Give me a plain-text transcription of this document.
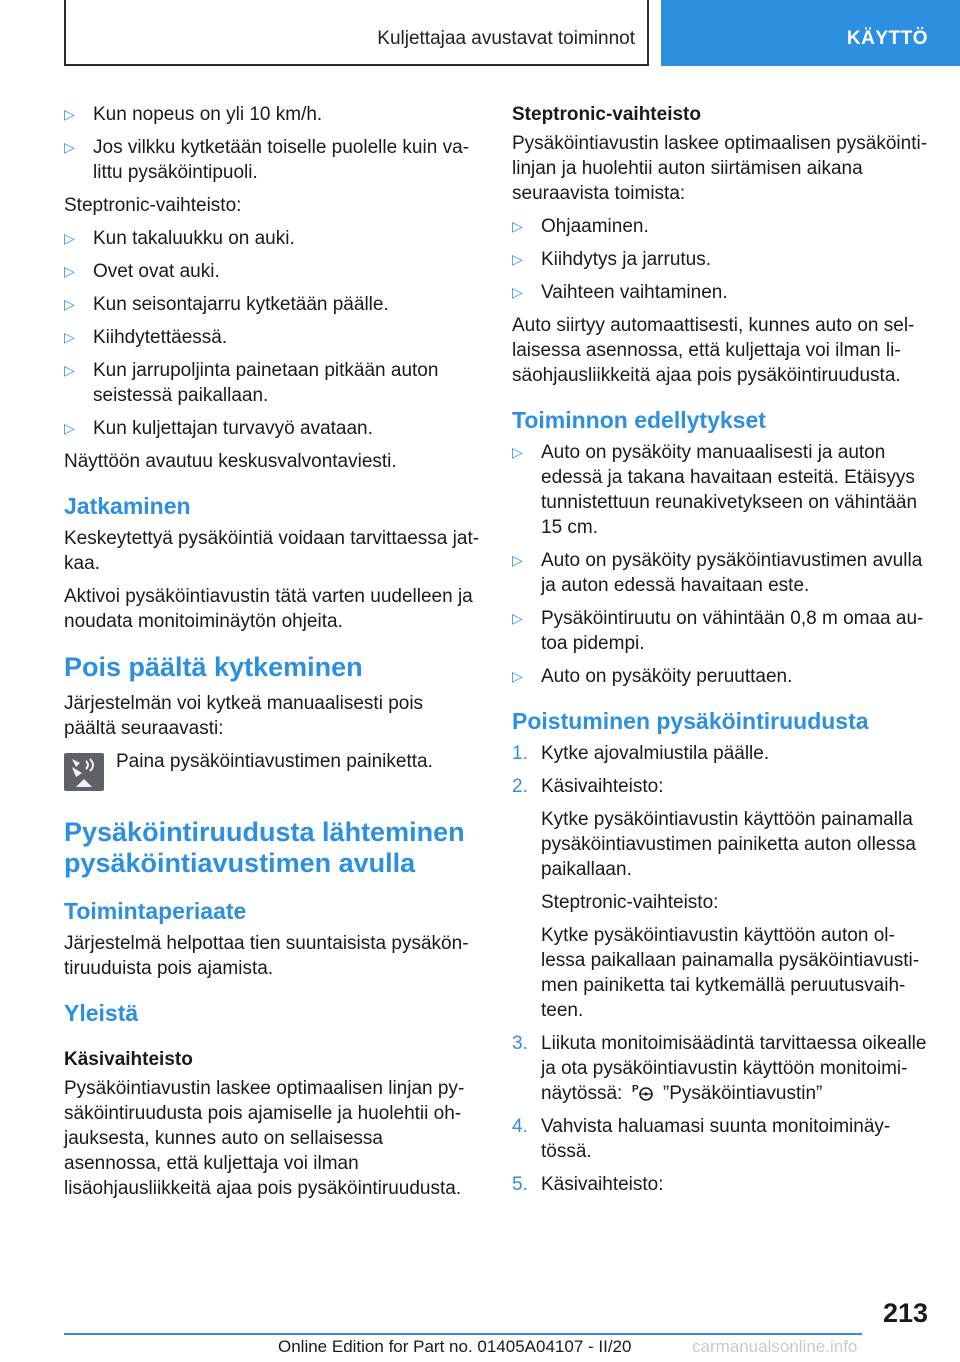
Kuljettajaa avustavat toiminnot	KÄYTTÖ
▷ Kun nopeus on yli 10 km/h.
▷ Jos vilkku kytketään toiselle puolelle kuin valittu pysäköintipuoli.

Steptronic-vaihteisto:

▷ Kun takaluukku on auki.
▷ Ovet ovat auki.
▷ Kun seisontajarru kytketään päälle.
▷ Kiihdytettäessä.
▷ Kun jarrupoljinta painetaan pitkään auton seistessä paikallaan.
▷ Kun kuljettajan turvavyö avataan.

Näyttöön avautuu keskusvalvontaviesti.

Jatkaminen

Keskeytettyä pysäköintiä voidaan tarvittaessa jatkaa.

Aktivoi pysäköintiavustin tätä varten uudelleen ja noudata monitoiminäytön ohjeita.

Pois päältä kytkeminen

Järjestelmän voi kytkeä manuaalisesti pois päältä seuraavasti:

Paina pysäköintiavustimen painiketta.
Pysäköintiruudusta lähteminen pysäköintiavustimen avulla
Toimintaperiaate

Järjestelmä helpottaa tien suuntaisista pysäköntiruuduista pois ajamista.

Yleistä
Käsivaihteisto

Pysäköintiavustin laskee optimaalisen linjan pysäköintiruudusta pois ajamiselle ja huolehtii ohjauksesta, kunnes auto on sellaisessa asennossa, että kuljettaja voi ilman lisäohjausliikkeitä ajaa pois pysäköintiruudusta.

Steptronic-vaihteisto

Pysäköintiavustin laskee optimaalisen pysäköintilinjan ja huolehtii auton siirtämisen aikana seuraavista toimista:

▷ Ohjaaminen.
▷ Kiihdytys ja jarrutus.
▷ Vaihteen vaihtaminen.

Auto siirtyy automaattisesti, kunnes auto on sellaisessa asennossa, että kuljettaja voi ilman lisäohjausliikkeitä ajaa pois pysäköintiruudusta.

Toiminnon edellytykset
▷ Auto on pysäköity manuaalisesti ja auton edessä ja takana havaitaan esteitä. Etäisyys tunnistettuun reunakivetykseen on vähintään 15 cm.
▷ Auto on pysäköity pysäköintiavustimen avulla ja auton edessä havaitaan este.
▷ Pysäköintiruutu on vähintään 0,8 m omaa autoa pidempi.
▷ Auto on pysäköity peruuttaen.
Poistuminen pysäköintiruudusta
1. Kytke ajovalmiustila päälle.
2. Käsivaihteisto:

Kytke pysäköintiavustin käyttöön painamalla pysäköintiavustimen painiketta auton ollessa paikallaan.

Steptronic-vaihteisto:

Kytke pysäköintiavustin käyttöön auton ollessa paikallaan painamalla pysäköintiavustimen painiketta tai kytkemällä peruutusvaihteen.

3. Liikuta monitoimisäädintä tarvittaessa oikealle ja ota pysäköintiavustin käyttöön monitoiminäytössä: P ”Pysäköintiavustin”
4. Vahvista haluamasi suunta monitoiminäytössä.
5. Käsivaihteisto:
213
Online Edition for Part no. 01405A04107 - II/20	carmanualsonline.info
